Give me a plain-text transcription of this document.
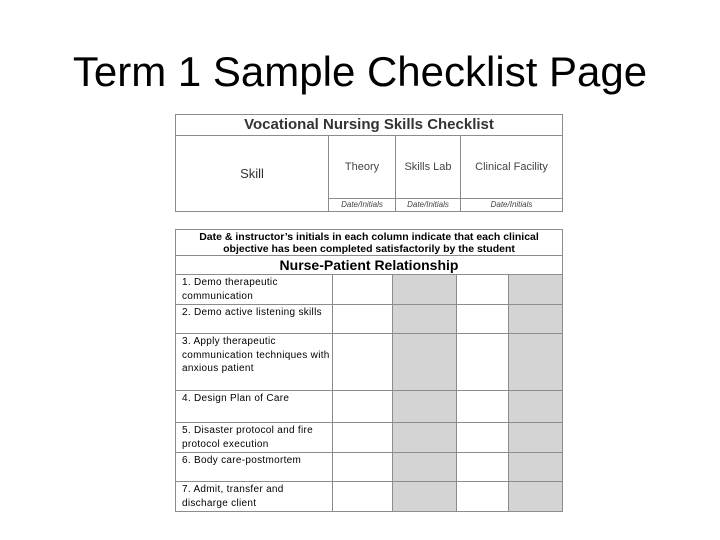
Term 1 Sample Checklist Page
Vocational Nursing Skills Checklist			
Skill	Theory	Skills Lab	Clinical Facility
	Date/Initials	Date/Initials	Date/Initials
Date & instructor’s initials in each column indicate that each clinical objective has been completed satisfactorily by the student				
Nurse-Patient Relationship				
1. Demo therapeutic communication				
2. Demo active listening skills				
3. Apply therapeutic communication techniques with anxious patient				
4. Design Plan of Care				
5. Disaster protocol and fire protocol execution				
6. Body care-postmortem				
7. Admit, transfer and discharge client				
